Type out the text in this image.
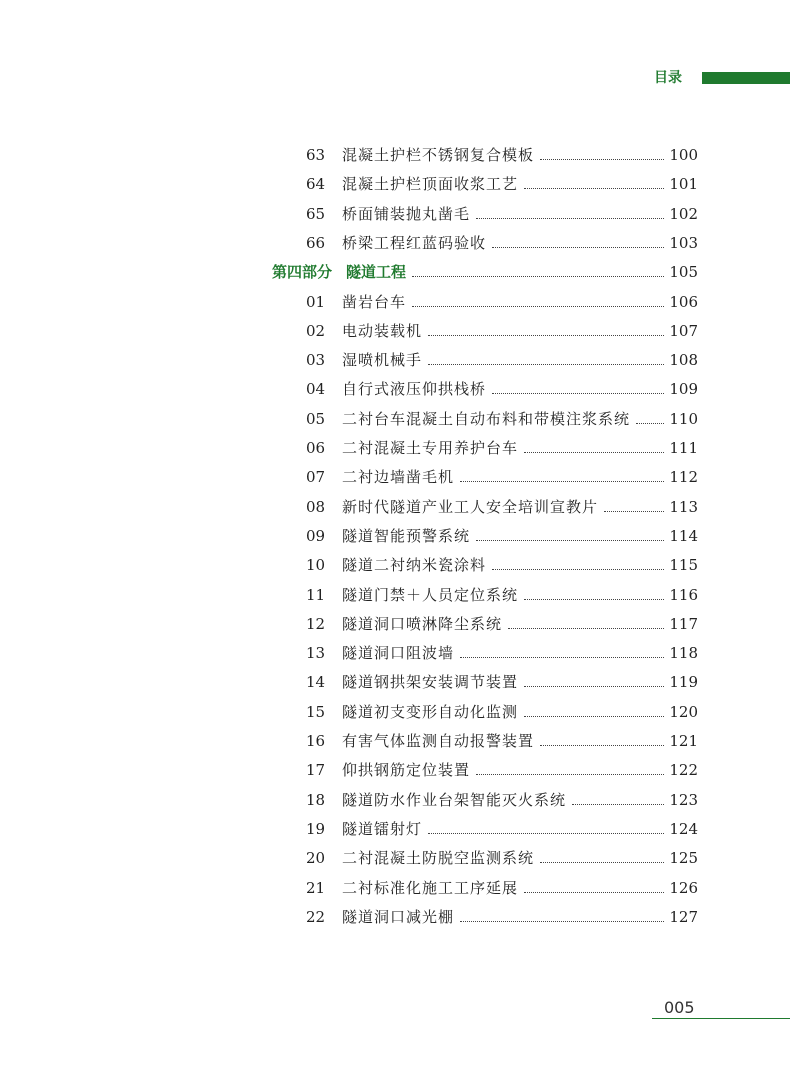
目录
63	混凝土护栏不锈钢复合模板	100
64	混凝土护栏顶面收浆工艺	101
65	桥面铺装抛丸凿毛	102
66	桥梁工程红蓝码验收	103
第四部分 隧道工程	105
01	凿岩台车	106
02	电动装载机	107
03	湿喷机械手	108
04	自行式液压仰拱栈桥	109
05	二衬台车混凝土自动布料和带模注浆系统	110
06	二衬混凝土专用养护台车	111
07	二衬边墙凿毛机	112
08	新时代隧道产业工人安全培训宣教片	113
09	隧道智能预警系统	114
10	隧道二衬纳米瓷涂料	115
11	隧道门禁＋人员定位系统	116
12	隧道洞口喷淋降尘系统	117
13	隧道洞口阻波墙	118
14	隧道钢拱架安装调节装置	119
15	隧道初支变形自动化监测	120
16	有害气体监测自动报警装置	121
17	仰拱钢筋定位装置	122
18	隧道防水作业台架智能灭火系统	123
19	隧道镭射灯	124
20	二衬混凝土防脱空监测系统	125
21	二衬标准化施工工序延展	126
22	隧道洞口减光棚	127
005
